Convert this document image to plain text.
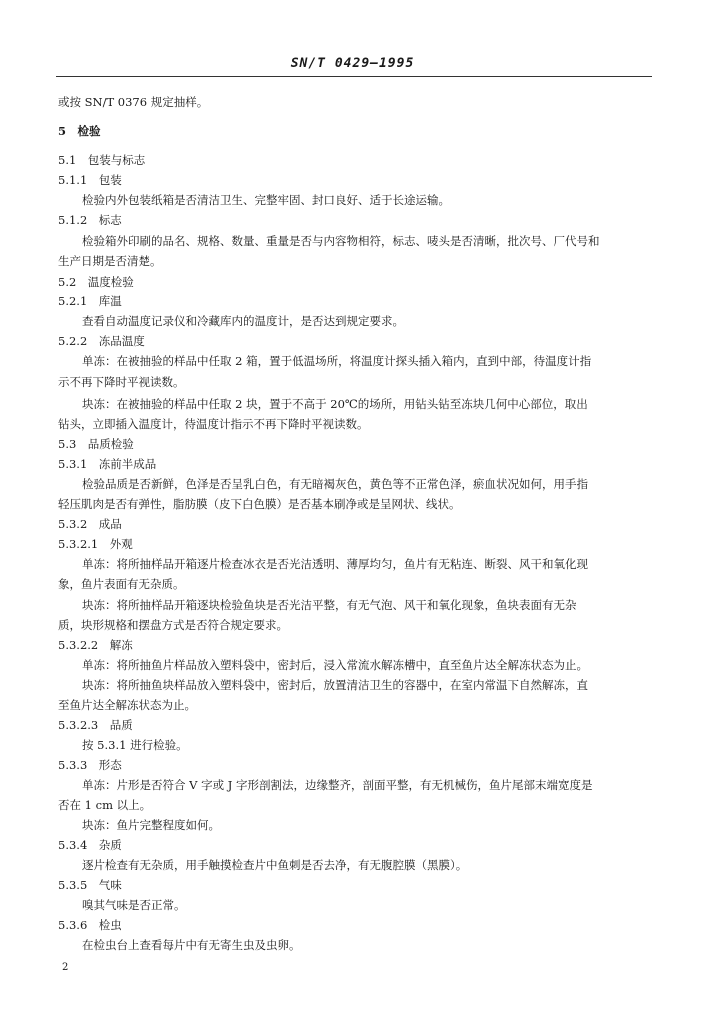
SN/T 0429—1995
或按 SN/T 0376 规定抽样。
5　检验
5.1　包装与标志
5.1.1　包装
检验内外包装纸箱是否清洁卫生、完整牢固、封口良好、适于长途运输。
5.1.2　标志
检验箱外印刷的品名、规格、数量、重量是否与内容物相符，标志、唛头是否清晰，批次号、厂代号和
生产日期是否清楚。
5.2　温度检验
5.2.1　库温
查看自动温度记录仪和冷藏库内的温度计，是否达到规定要求。
5.2.2　冻品温度
单冻：在被抽验的样品中任取 2 箱，置于低温场所，将温度计探头插入箱内，直到中部，待温度计指
示不再下降时平视读数。
块冻：在被抽验的样品中任取 2 块，置于不高于 20℃的场所，用钻头钻至冻块几何中心部位，取出
钻头，立即插入温度计，待温度计指示不再下降时平视读数。
5.3　品质检验
5.3.1　冻前半成品
检验品质是否新鲜，色泽是否呈乳白色，有无暗褐灰色，黄色等不正常色泽，瘀血状况如何，用手指
轻压肌肉是否有弹性，脂肪膜（皮下白色膜）是否基本刷净或是呈网状、线状。
5.3.2　成品
5.3.2.1　外观
单冻：将所抽样品开箱逐片检查冰衣是否光洁透明、薄厚均匀，鱼片有无粘连、断裂、风干和氧化现
象，鱼片表面有无杂质。
块冻：将所抽样品开箱逐块检验鱼块是否光洁平整，有无气泡、风干和氧化现象，鱼块表面有无杂
质，块形规格和摆盘方式是否符合规定要求。
5.3.2.2　解冻
单冻：将所抽鱼片样品放入塑料袋中，密封后，浸入常流水解冻槽中，直至鱼片达全解冻状态为止。
块冻：将所抽鱼块样品放入塑料袋中，密封后，放置清洁卫生的容器中，在室内常温下自然解冻，直
至鱼片达全解冻状态为止。
5.3.2.3　品质
按 5.3.1 进行检验。
5.3.3　形态
单冻：片形是否符合 V 字或 J 字形剖割法，边缘整齐，剖面平整，有无机械伤，鱼片尾部末端宽度是
否在 1 cm 以上。
块冻：鱼片完整程度如何。
5.3.4　杂质
逐片检查有无杂质，用手触摸检查片中鱼刺是否去净，有无腹腔膜（黑膜）。
5.3.5　气味
嗅其气味是否正常。
5.3.6　检虫
在检虫台上查看每片中有无寄生虫及虫卵。
2
